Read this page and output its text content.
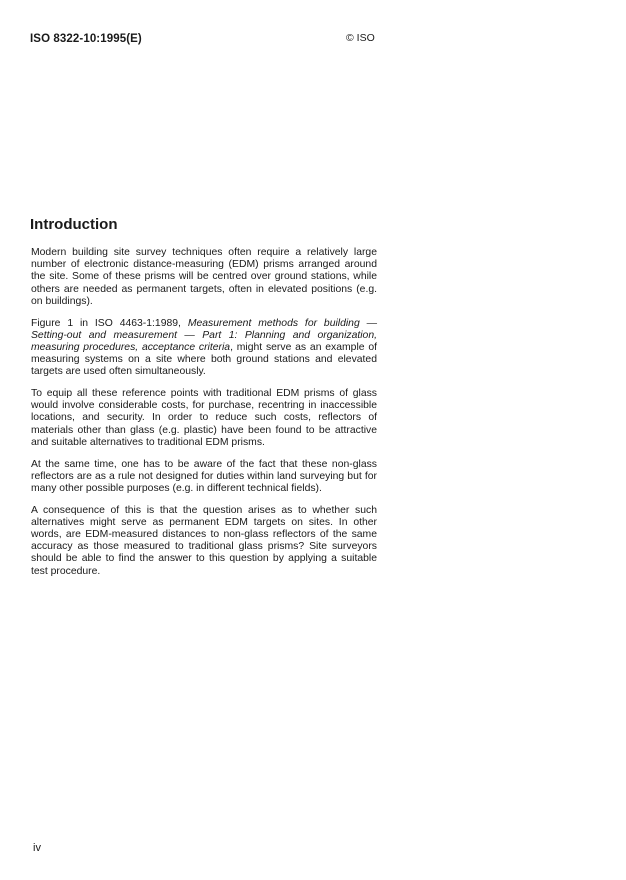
ISO 8322-10:1995(E)	© ISO
Introduction

Modern building site survey techniques often require a relatively large number of electronic distance-measuring (EDM) prisms arranged around the site. Some of these prisms will be centred over ground stations, while others are needed as permanent targets, often in elevated positions (e.g. on buildings).

Figure 1 in ISO 4463-1:1989, Measurement methods for building — Setting-out and measurement — Part 1: Planning and organization, measuring procedures, acceptance criteria, might serve as an example of measuring systems on a site where both ground stations and elevated targets are used often simultaneously.

To equip all these reference points with traditional EDM prisms of glass would involve considerable costs, for purchase, recentring in inaccessible locations, and security. In order to reduce such costs, reflectors of materials other than glass (e.g. plastic) have been found to be attractive and suitable alternatives to traditional EDM prisms.

At the same time, one has to be aware of the fact that these non-glass reflectors are as a rule not designed for duties within land surveying but for many other possible purposes (e.g. in different technical fields).

A consequence of this is that the question arises as to whether such alternatives might serve as permanent EDM targets on sites. In other words, are EDM-measured distances to non-glass reflectors of the same accuracy as those measured to traditional glass prisms? Site surveyors should be able to find the answer to this question by applying a suitable test procedure.

iv
